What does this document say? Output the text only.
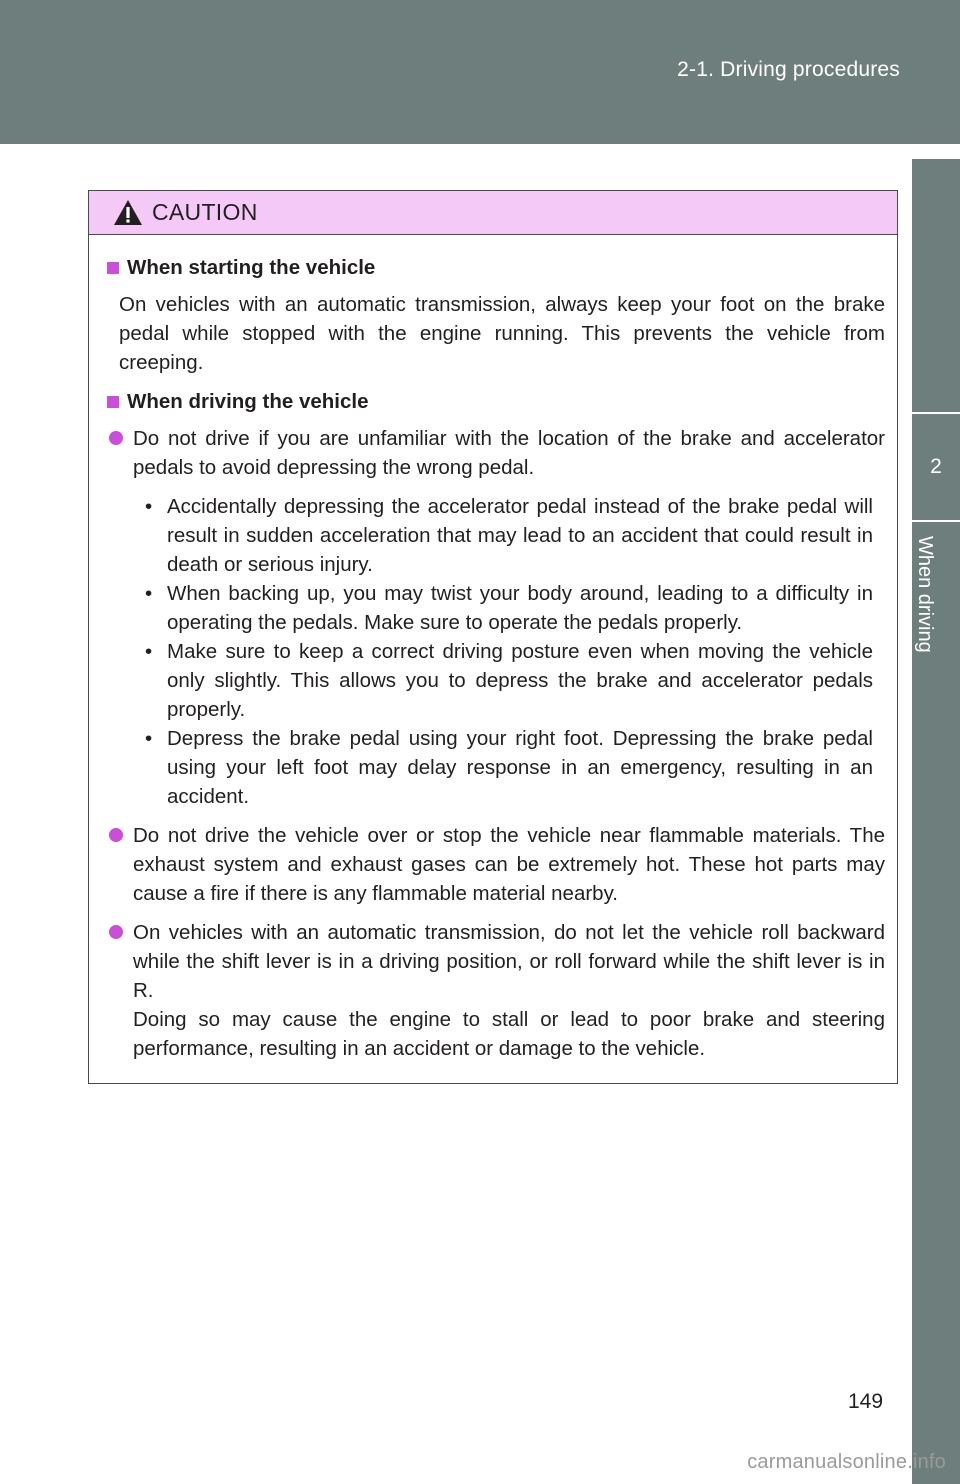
2-1. Driving procedures
2
When driving
CAUTION
When starting the vehicle

On vehicles with an automatic transmission, always keep your foot on the brake pedal while stopped with the engine running. This prevents the vehicle from creeping.

When driving the vehicle
Do not drive if you are unfamiliar with the location of the brake and accelerator pedals to avoid depressing the wrong pedal.
• Accidentally depressing the accelerator pedal instead of the brake pedal will result in sudden acceleration that may lead to an accident that could result in death or serious injury.
• When backing up, you may twist your body around, leading to a difficulty in operating the pedals. Make sure to operate the pedals properly.
• Make sure to keep a correct driving posture even when moving the vehicle only slightly. This allows you to depress the brake and accelerator pedals properly.
• Depress the brake pedal using your right foot. Depressing the brake pedal using your left foot may delay response in an emergency, resulting in an accident.
Do not drive the vehicle over or stop the vehicle near flammable materials. The exhaust system and exhaust gases can be extremely hot. These hot parts may cause a fire if there is any flammable material nearby.
On vehicles with an automatic transmission, do not let the vehicle roll backward while the shift lever is in a driving position, or roll forward while the shift lever is in R.
Doing so may cause the engine to stall or lead to poor brake and steering performance, resulting in an accident or damage to the vehicle.
149
carmanualsonline.info
